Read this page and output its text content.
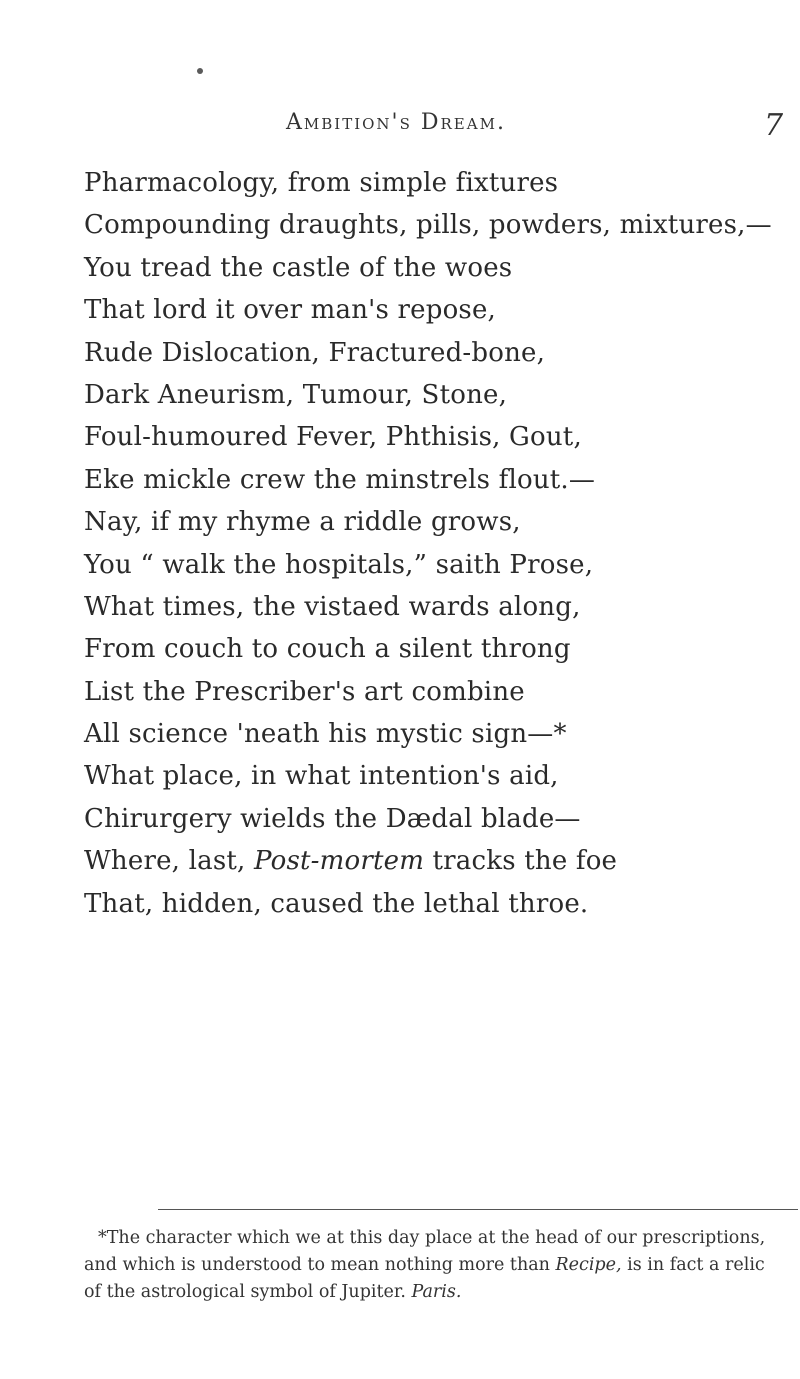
Ambition's Dream.	7
Pharmacology, from simple fixtures
Compounding draughts, pills, powders, mixtures,—
You tread the castle of the woes
That lord it over man's repose,
Rude Dislocation, Fractured-bone,
Dark Aneurism, Tumour, Stone,
Foul-humoured Fever, Phthisis, Gout,
Eke mickle crew the minstrels flout.—
Nay, if my rhyme a riddle grows,
You “ walk the hospitals,” saith Prose,
What times, the vistaed wards along,
From couch to couch a silent throng
List the Prescriber's art combine
All science 'neath his mystic sign—*
What place, in what intention's aid,
Chirurgery wields the Dædal blade—
Where, last, Post-mortem tracks the foe
That, hidden, caused the lethal throe.

*The character which we at this day place at the head of our prescriptions, and which is understood to mean nothing more than Recipe, is in fact a relic of the astrological symbol of Jupiter. Paris.
